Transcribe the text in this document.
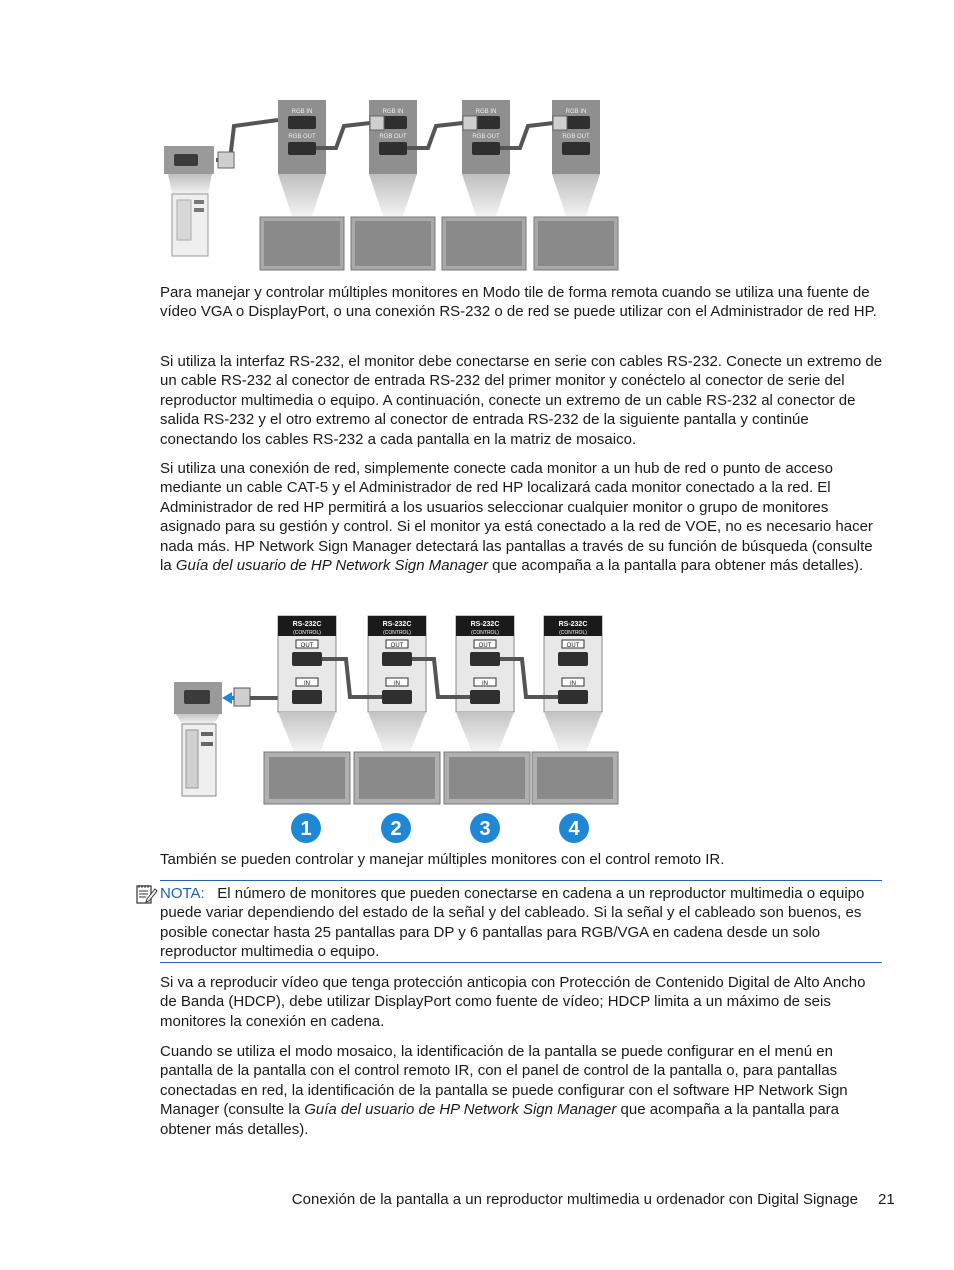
RGB IN
RGB OUT
RGB IN
RGB OUT
RGB IN
RGB OUT
RGB IN
RGB OUT

Para manejar y controlar múltiples monitores en Modo tile de forma remota cuando se utiliza una fuente de vídeo VGA o DisplayPort, o una conexión RS-232 o de red se puede utilizar con el Administrador de red HP.

Si utiliza la interfaz RS-232, el monitor debe conectarse en serie con cables RS-232. Conecte un extremo de un cable RS-232 al conector de entrada RS-232 del primer monitor y conéctelo al conector de serie del reproductor multimedia o equipo. A continuación, conecte un extremo de un cable RS-232 al conector de salida RS-232 y el otro extremo al conector de entrada RS-232 de la siguiente pantalla y continúe conectando los cables RS-232 a cada pantalla en la matriz de mosaico.

Si utiliza una conexión de red, simplemente conecte cada monitor a un hub de red o punto de acceso mediante un cable CAT-5 y el Administrador de red HP localizará cada monitor conectado a la red. El Administrador de red HP permitirá a los usuarios seleccionar cualquier monitor o grupo de monitores asignado para su gestión y control. Si el monitor ya está conectado a la red de VOE, no es necesario hacer nada más. HP Network Sign Manager detectará las pantallas a través de su función de búsqueda (consulte la Guía del usuario de HP Network Sign Manager que acompaña a la pantalla para obtener más detalles).

RS-232C
(CONTROL)
OUT
IN
RS-232C
(CONTROL)
OUT
IN
RS-232C
(CONTROL)
OUT
IN
RS-232C
(CONTROL)
OUT
IN
1	2	3	4

También se pueden controlar y manejar múltiples monitores con el control remoto IR.

NOTA: El número de monitores que pueden conectarse en cadena a un reproductor multimedia o equipo puede variar dependiendo del estado de la señal y del cableado. Si la señal y el cableado son buenos, es posible conectar hasta 25 pantallas para DP y 6 pantallas para RGB/VGA en cadena desde un solo reproductor multimedia o equipo.

Si va a reproducir vídeo que tenga protección anticopia con Protección de Contenido Digital de Alto Ancho de Banda (HDCP), debe utilizar DisplayPort como fuente de vídeo; HDCP limita a un máximo de seis monitores la conexión en cadena.

Cuando se utiliza el modo mosaico, la identificación de la pantalla se puede configurar en el menú en pantalla de la pantalla con el control remoto IR, con el panel de control de la pantalla o, para pantallas conectadas en red, la identificación de la pantalla se puede configurar con el software HP Network Sign Manager (consulte la Guía del usuario de HP Network Sign Manager que acompaña a la pantalla para obtener más detalles).

Conexión de la pantalla a un reproductor multimedia u ordenador con Digital Signage 21
